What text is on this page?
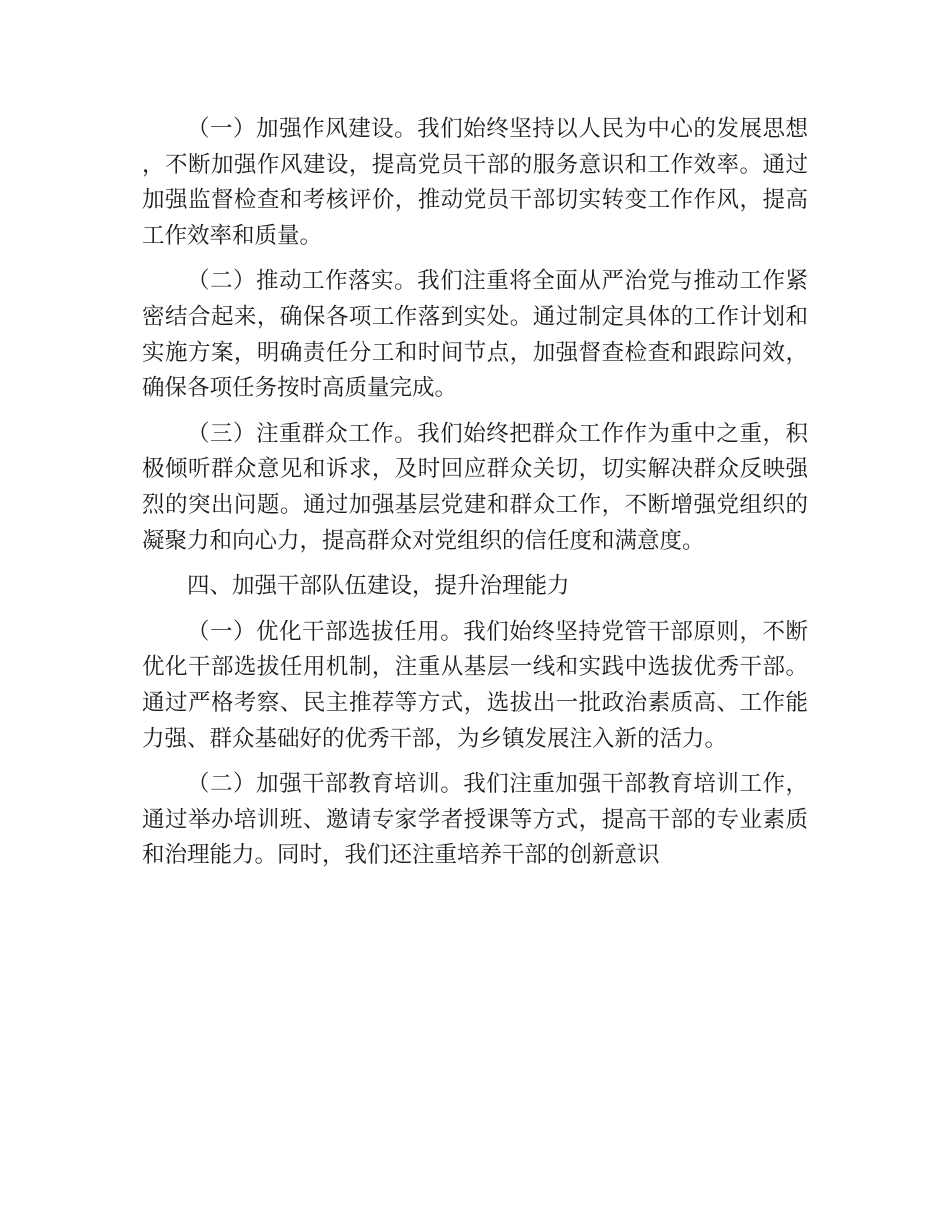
（一）加强作风建设。我们始终坚持以人民为中心的发展思想，不断加强作风建设，提高党员干部的服务意识和工作效率。通过加强监督检查和考核评价，推动党员干部切实转变工作作风，提高工作效率和质量。

（二）推动工作落实。我们注重将全面从严治党与推动工作紧密结合起来，确保各项工作落到实处。通过制定具体的工作计划和实施方案，明确责任分工和时间节点，加强督查检查和跟踪问效，确保各项任务按时高质量完成。

（三）注重群众工作。我们始终把群众工作作为重中之重，积极倾听群众意见和诉求，及时回应群众关切，切实解决群众反映强烈的突出问题。通过加强基层党建和群众工作，不断增强党组织的凝聚力和向心力，提高群众对党组织的信任度和满意度。

四、加强干部队伍建设，提升治理能力

（一）优化干部选拔任用。我们始终坚持党管干部原则，不断优化干部选拔任用机制，注重从基层一线和实践中选拔优秀干部。通过严格考察、民主推荐等方式，选拔出一批政治素质高、工作能力强、群众基础好的优秀干部，为乡镇发展注入新的活力。

（二）加强干部教育培训。我们注重加强干部教育培训工作，通过举办培训班、邀请专家学者授课等方式，提高干部的专业素质和治理能力。同时，我们还注重培养干部的创新意识
